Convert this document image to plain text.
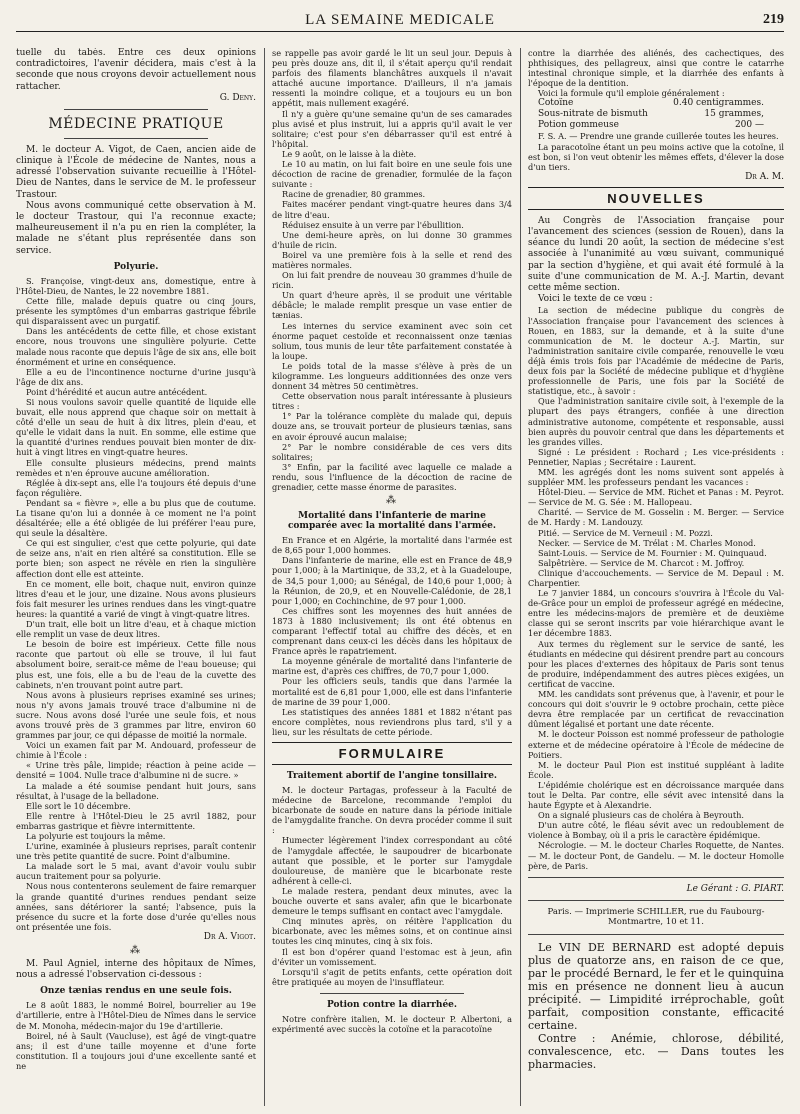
LA SEMAINE MEDICALE	219

tuelle du tabès. Entre ces deux opinions contradictoires, l'avenir décidera, mais c'est à la seconde que nous croyons devoir actuellement nous rattacher.

G. Deny.
MÉDECINE PRATIQUE

M. le docteur A. Vigot, de Caen, ancien aide de clinique à l'École de médecine de Nantes, nous a adressé l'observation suivante recueillie à l'Hôtel-Dieu de Nantes, dans le service de M. le professeur Trastour.

Nous avons communiqué cette observation à M. le docteur Trastour, qui l'a reconnue exacte; malheureusement il n'a pu en rien la compléter, la malade ne s'étant plus représentée dans son service.

Polyurie.

S. Françoise, vingt-deux ans, domestique, entre à l'Hôtel-Dieu, de Nantes, le 22 novembre 1881.

Cette fille, malade depuis quatre ou cinq jours, présente les symptômes d'un embarras gastrique fébrile qui disparaissent avec un purgatif.

Dans les antécédents de cette fille, et chose existant encore, nous trouvons une singulière polyurie. Cette malade nous raconte que depuis l'âge de six ans, elle boit énormément et urine en conséquence.

Elle a eu de l'incontinence nocturne d'urine jusqu'à l'âge de dix ans.

Point d'hérédité et aucun autre antécédent.

Si nous voulons savoir quelle quantité de liquide elle buvait, elle nous apprend que chaque soir on mettait à côté d'elle un seau de huit à dix litres, plein d'eau, et qu'elle le vidait dans la nuit. En somme, elle estime que la quantité d'urines rendues pouvait bien monter de dix-huit à vingt litres en vingt-quatre heures.

Elle consulte plusieurs médecins, prend maints remèdes et n'en éprouve aucune amélioration.

Réglée à dix-sept ans, elle l'a toujours été depuis d'une façon régulière.

Pendant sa « fièvre », elle a bu plus que de coutume. La tisane qu'on lui a donnée à ce moment ne l'a point désaltérée; elle a été obligée de lui préférer l'eau pure, qui seule la désaltère.

Ce qui est singulier, c'est que cette polyurie, qui date de seize ans, n'ait en rien altéré sa constitution. Elle se porte bien; son aspect ne révèle en rien la singulière affection dont elle est atteinte.

En ce moment, elle boit, chaque nuit, environ quinze litres d'eau et le jour, une dizaine. Nous avons plusieurs fois fait mesurer les urines rendues dans les vingt-quatre heures: la quantité a varié de vingt à vingt-quatre litres.

D'un trait, elle boit un litre d'eau, et à chaque miction elle remplit un vase de deux litres.

Le besoin de boire est impérieux. Cette fille nous raconte que partout où elle se trouve, il lui faut absolument boire, serait-ce même de l'eau boueuse; qui plus est, une fois, elle a bu de l'eau de la cuvette des cabinets, n'en trouvant point autre part.

Nous avons à plusieurs reprises examiné ses urines; nous n'y avons jamais trouvé trace d'albumine ni de sucre. Nous avons dosé l'urée une seule fois, et nous avons trouvé près de 3 grammes par litre, environ 60 grammes par jour, ce qui dépasse de moitié la normale.

Voici un examen fait par M. Andouard, professeur de chimie à l'École :

« Urine très pâle, limpide; réaction à peine acide — densité = 1004. Nulle trace d'albumine ni de sucre. »

La malade a été soumise pendant huit jours, sans résultat, à l'usage de la belladone.

Elle sort le 10 décembre.

Elle rentre à l'Hôtel-Dieu le 25 avril 1882, pour embarras gastrique et fièvre intermittente.

La polyurie est toujours la même.

L'urine, examinée à plusieurs reprises, paraît contenir une très petite quantité de sucre. Point d'albumine.

La malade sort le 5 mai, avant d'avoir voulu subir aucun traitement pour sa polyurie.

Nous nous contenterons seulement de faire remarquer la grande quantité d'urines rendues pendant seize années, sans détériorer la santé; l'absence, puis la présence du sucre et la forte dose d'urée qu'elles nous ont présentée une fois.

Dr A. Vigot.
⁂

M. Paul Agniel, interne des hôpitaux de Nîmes, nous a adressé l'observation ci-dessous :

Onze tænias rendus en une seule fois.

Le 8 août 1883, le nommé Boirel, bourrelier au 19e d'artillerie, entre à l'Hôtel-Dieu de Nîmes dans le service de M. Monoha, médecin-major du 19e d'artillerie.

Boirel, né à Sault (Vaucluse), est âgé de vingt-quatre ans; il est d'une taille moyenne et d'une forte constitution. Il a toujours joui d'une excellente santé et ne

se rappelle pas avoir gardé le lit un seul jour. Depuis à peu près douze ans, dit il, il s'était aperçu qu'il rendait parfois des filaments blanchâtres auxquels il n'avait attaché aucune importance. D'ailleurs, il n'a jamais ressenti la moindre colique, et a toujours eu un bon appétit, mais nullement exagéré.

Il n'y a guère qu'une semaine qu'un de ses camarades plus avisé et plus instruit, lui a appris qu'il avait le ver solitaire; c'est pour s'en débarrasser qu'il est entré à l'hôpital.

Le 9 août, on le laisse à la diète.

Le 10 au matin, on lui fait boire en une seule fois une décoction de racine de grenadier, formulée de la façon suivante :

Racine de grenadier, 80 grammes.

Faites macérer pendant vingt-quatre heures dans 3/4 de litre d'eau.

Réduisez ensuite à un verre par l'ébullition.

Une demi-heure après, on lui donne 30 grammes d'huile de ricin.

Boirel va une première fois à la selle et rend des matières normales.

On lui fait prendre de nouveau 30 grammes d'huile de ricin.

Un quart d'heure après, il se produit une véritable débâcle; le malade remplit presque un vase entier de tænias.

Les internes du service examinent avec soin cet énorme paquet cestoïde et reconnaissent onze tænias solium, tous munis de leur tête parfaitement constatée à la loupe.

Le poids total de la masse s'élève à près de un kilogramme. Les longueurs additionnées des onze vers donnent 34 mètres 50 centimètres.

Cette observation nous paraît intéressante à plusieurs titres :

1° Par la tolérance complète du malade qui, depuis douze ans, se trouvait porteur de plusieurs tænias, sans en avoir éprouvé aucun malaise;

2° Par le nombre considérable de ces vers dits solitaires;

3° Enfin, par la facilité avec laquelle ce malade a rendu, sous l'influence de la décoction de racine de grenadier, cette masse énorme de parasites.

⁂
Mortalité dans l'infanterie de marine comparée avec la mortalité dans l'armée.

En France et en Algérie, la mortalité dans l'armée est de 8,65 pour 1,000 hommes.

Dans l'infanterie de marine, elle est en France de 48,9 pour 1,000; à la Martinique, de 33,2, et à la Guadeloupe, de 34,5 pour 1,000; au Sénégal, de 140,6 pour 1,000; à la Réunion, de 20,9, et en Nouvelle-Calédonie, de 28,1 pour 1,000; en Cochinchine, de 97 pour 1,000.

Ces chiffres sont les moyennes des huit années de 1873 à 1880 inclusivement; ils ont été obtenus en comparant l'effectif total au chiffre des décès, et en comprenant dans ceux-ci les décès dans les hôpitaux de France après le rapatriement.

La moyenne générale de mortalité dans l'infanterie de marine est, d'après ces chiffres, de 70,7 pour 1,000.

Pour les officiers seuls, tandis que dans l'armée la mortalité est de 6,81 pour 1,000, elle est dans l'infanterie de marine de 39 pour 1,000.

Les statistiques des années 1881 et 1882 n'étant pas encore complètes, nous reviendrons plus tard, s'il y a lieu, sur les résultats de cette période.

FORMULAIRE
Traitement abortif de l'angine tonsillaire.

M. le docteur Partagas, professeur à la Faculté de médecine de Barcelone, recommande l'emploi du bicarbonate de soude en nature dans la période initiale de l'amygdalite franche. On devra procéder comme il suit :

Humecter légèrement l'index correspondant au côté de l'amygdale affectée, le saupoudrer de bicarbonate autant que possible, et le porter sur l'amygdale douloureuse, de manière que le bicarbonate reste adhérent à celle-ci.

Le malade restera, pendant deux minutes, avec la bouche ouverte et sans avaler, afin que le bicarbonate demeure le temps suffisant en contact avec l'amygdale.

Cinq minutes après, on réitère l'application du bicarbonate, avec les mêmes soins, et on continue ainsi toutes les cinq minutes, cinq à six fois.

Il est bon d'opérer quand l'estomac est à jeun, afin d'éviter un vomissement.

Lorsqu'il s'agit de petits enfants, cette opération doit être pratiquée au moyen de l'insufflateur.

Potion contre la diarrhée.

Notre confrère italien, M. le docteur P. Albertoni, a expérimenté avec succès la cotoïne et la paracotoïne

contre la diarrhée des aliénés, des cachectiques, des phthisiques, des pellagreux, ainsi que contre le catarrhe intestinal chronique simple, et la diarrhée des enfants à l'époque de la dentition.

Voici la formule qu'il emploie généralement :

Cotoïne	0.40 centigrammes.
Sous-nitrate de bismuth	15 grammes,
Potion gommeuse	200 —

F. S. A. — Prendre une grande cuillerée toutes les heures.

La paracotoïne étant un peu moins active que la cotoïne, il est bon, si l'on veut obtenir les mêmes effets, d'élever la dose d'un tiers.

Dr A. M.
NOUVELLES

Au Congrès de l'Association française pour l'avancement des sciences (session de Rouen), dans la séance du lundi 20 août, la section de médecine s'est associée à l'unanimité au vœu suivant, communiqué par la section d'hygiène, et qui avait été formulé à la suite d'une communication de M. A.-J. Martin, devant cette même section.

Voici le texte de ce vœu :

La section de médecine publique du congrès de l'Association française pour l'avancement des sciences à Rouen, en 1883, sur la demande, et à la suite d'une communication de M. le docteur A.-J. Martin, sur l'administration sanitaire civile comparée, renouvelle le vœu déjà émis trois fois par l'Académie de médecine de Paris, deux fois par la Société de médecine publique et d'hygiène professionnelle de Paris, une fois par la Société de statistique, etc., à savoir :

Que l'administration sanitaire civile soit, à l'exemple de la plupart des pays étrangers, confiée à une direction administrative autonome, compétente et responsable, aussi bien auprès du pouvoir central que dans les départements et les grandes villes.

Signé : Le président : Rochard ; Les vice-présidents : Pennetier, Napias ; Secrétaire : Laurent.

MM. les agrégés dont les noms suivent sont appelés à suppléer MM. les professeurs pendant les vacances :

Hôtel-Dieu. — Service de MM. Richet et Panas : M. Peyrot. — Service de M. G. Sée : M. Hallopeau.

Charité. — Service de M. Gosselin : M. Berger. — Service de M. Hardy : M. Landouzy.

Pitié. — Service de M. Verneuil : M. Pozzi.

Necker. — Service de M. Trélat : M. Charles Monod.

Saint-Louis. — Service de M. Fournier : M. Quinquaud.

Salpêtrière. — Service de M. Charcot : M. Joffroy.

Clinique d'accouchements. — Service de M. Depaul : M. Charpentier.

Le 7 janvier 1884, un concours s'ouvrira à l'École du Val-de-Grâce pour un emploi de professeur agrégé en médecine, entre les médecins-majors de première et de deuxième classe qui se seront inscrits par voie hiérarchique avant le 1er décembre 1883.

Aux termes du règlement sur le service de santé, les étudiants en médecine qui désirent prendre part au concours pour les places d'externes des hôpitaux de Paris sont tenus de produire, indépendamment des autres pièces exigées, un certificat de vaccine.

MM. les candidats sont prévenus que, à l'avenir, et pour le concours qui doit s'ouvrir le 9 octobre prochain, cette pièce devra être remplacée par un certificat de revaccination dûment légalisé et portant une date récente.

M. le docteur Poisson est nommé professeur de pathologie externe et de médecine opératoire à l'École de médecine de Poitiers.

M. le docteur Paul Pion est institué suppléant à ladite École.

L'épidémie cholérique est en décroissance marquée dans tout le Delta. Par contre, elle sévit avec intensité dans la haute Égypte et à Alexandrie.

On a signalé plusieurs cas de choléra à Beyrouth.

D'un autre côté, le fléau sévit avec un redoublement de violence à Bombay, où il a pris le caractère épidémique.

Nécrologie. — M. le docteur Charles Roquette, de Nantes. — M. le docteur Pont, de Gandelu. — M. le docteur Homolle père, de Paris.

Le Gérant : G. PIART.
Paris. — Imprimerie SCHILLER, rue du Faubourg-
Montmartre, 10 et 11.

Le VIN DE BERNARD est adopté depuis plus de quatorze ans, en raison de ce que, par le procédé Bernard, le fer et le quinquina mis en présence ne donnent lieu à aucun précipité. — Limpidité irréprochable, goût parfait, composition constante, efficacité certaine.

Contre : Anémie, chlorose, débilité, convalescence, etc. — Dans toutes les pharmacies.
